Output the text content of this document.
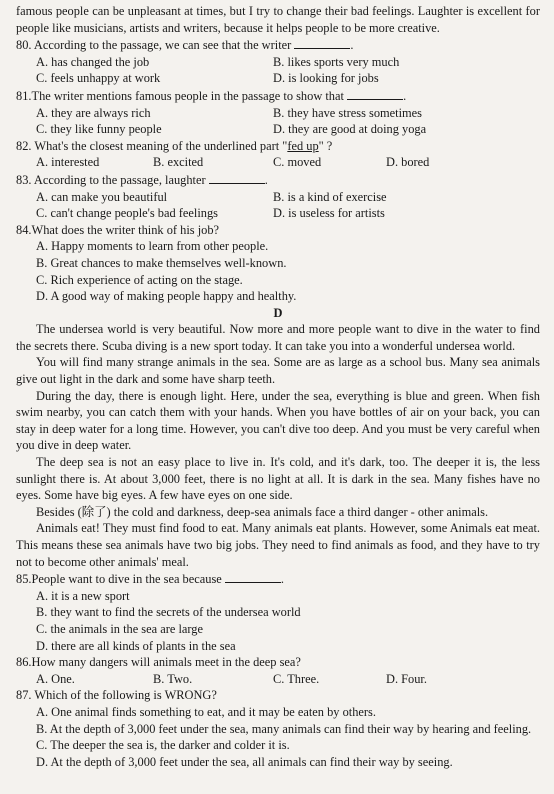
famous people can be unpleasant at times, but I try to change their bad feelings. Laughter is excellent for people like musicians, artists and writers, because it helps people to be more creative.

80. According to the passage, we can see that the writer	.

A. has changed the job	B. likes sports very much
C. feels unhappy at work	D. is looking for jobs

81.The writer mentions famous people in the passage to show that	.

A. they are always rich	B. they have stress sometimes
C. they like funny people	D. they are good at doing yoga

82. What's the closest meaning of the underlined part "fed up" ?

A. interested	B. excited	C. moved	D. bored

83. According to the passage, laughter	.

A. can make you beautiful	B. is a kind of exercise
C. can't change people's bad feelings	D. is useless for artists

84.What does the writer think of his job?

A. Happy moments to learn from other people.
B. Great chances to make themselves well-known.
C. Rich experience of acting on the stage.
D. A good way of making people happy and healthy.

D

The undersea world is very beautiful. Now more and more people want to dive in the water to find the secrets there. Scuba diving is a new sport today. It can take you into a wonderful undersea world.

You will find many strange animals in the sea. Some are as large as a school bus. Many sea animals give out light in the dark and some have sharp teeth.

During the day, there is enough light. Here, under the sea, everything is blue and green. When fish swim nearby, you can catch them with your hands. When you have bottles of air on your back, you can stay in deep water for a long time. However, you can't dive too deep. And you must be very careful when you dive in deep water.

The deep sea is not an easy place to live in. It's cold, and it's dark, too. The deeper it is, the less sunlight there is. At about 3,000 feet, there is no light at all. It is dark in the sea. Many fishes have no eyes. Some have big eyes. A few have eyes on one side.

Besides (除了) the cold and darkness, deep-sea animals face a third danger - other animals.

Animals eat! They must find food to eat. Many animals eat plants. However, some Animals eat meat. This means these sea animals have two big jobs. They need to find animals as food, and they have to try not to become other animals' meal.

85.People want to dive in the sea because	.

A. it is a new sport
B. they want to find the secrets of the undersea world
C. the animals in the sea are large
D. there are all kinds of plants in the sea

86.How many dangers will animals meet in the deep sea?

A. One.	B. Two.	C. Three.	D. Four.

87. Which of the following is WRONG?

A. One animal finds something to eat, and it may be eaten by others.
B. At the depth of 3,000 feet under the sea, many animals can find their way by hearing and feeling.
C. The deeper the sea is, the darker and colder it is.
D. At the depth of 3,000 feet under the sea, all animals can find their way by seeing.
